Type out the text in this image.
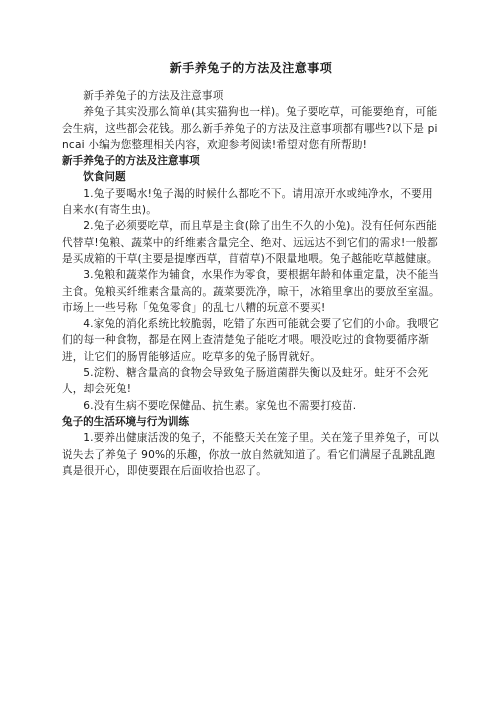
新手养兔子的方法及注意事项

新手养兔子的方法及注意事项

养兔子其实没那么简单(其实猫狗也一样)。兔子要吃草，可能要绝育，可能会生病，这些都会花钱。那么新手养兔子的方法及注意事项都有哪些?以下是 pincai 小编为您整理相关内容，欢迎参考阅读!希望对您有所帮助!

新手养兔子的方法及注意事项

饮食问题

1.兔子要喝水!兔子渴的时候什么都吃不下。请用凉开水或纯净水，不要用自来水(有寄生虫)。

2.兔子必须要吃草，而且草是主食(除了出生不久的小兔)。没有任何东西能代替草!兔粮、蔬菜中的纤维素含量完全、绝对、远远达不到它们的需求!一般都是买成箱的干草(主要是提摩西草，苜蓿草)不限量地喂。兔子越能吃草越健康。

3.兔粮和蔬菜作为辅食，水果作为零食，要根据年龄和体重定量，决不能当主食。兔粮买纤维素含量高的。蔬菜要洗净，晾干，冰箱里拿出的要放至室温。市场上一些号称「兔兔零食」的乱七八糟的玩意不要买!

4.家兔的消化系统比较脆弱，吃错了东西可能就会要了它们的小命。我喂它们的每一种食物，都是在网上查清楚兔子能吃才喂。喂没吃过的食物要循序渐进，让它们的肠胃能够适应。吃草多的兔子肠胃就好。

5.淀粉、糖含量高的食物会导致兔子肠道菌群失衡以及蛀牙。蛀牙不会死人，却会死兔!

6.没有生病不要吃保健品、抗生素。家兔也不需要打疫苗.

兔子的生活环境与行为训练

1.要养出健康活泼的兔子，不能整天关在笼子里。关在笼子里养兔子，可以说失去了养兔子 90%的乐趣，你放一放自然就知道了。看它们满屋子乱跳乱跑真是很开心，即使要跟在后面收拾也忍了。
